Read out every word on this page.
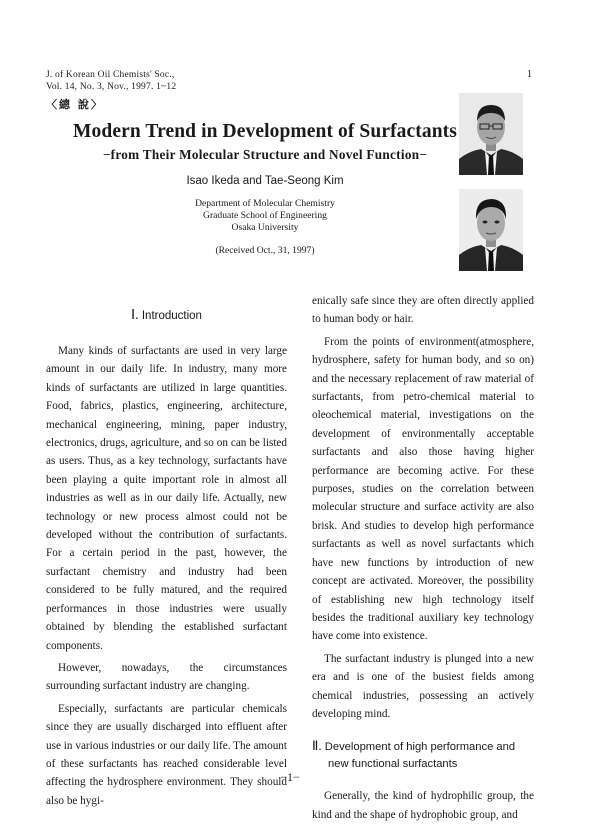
J. of Korean Oil Chemists' Soc.,
Vol. 14, No. 3, Nov., 1997. 1~12
1
〈總 說〉
Modern Trend in Development of Surfactants
−from Their Molecular Structure and Novel Function−
Isao Ikeda and Tae-Seong Kim
Department of Molecular Chemistry
Graduate School of Engineering
Osaka University
(Received Oct., 31, 1997)
Ⅰ. Introduction

Many kinds of surfactants are used in very large amount in our daily life. In industry, many more kinds of surfactants are utilized in large quantities. Food, fabrics, plastics, engineering, architecture, mechanical engineering, mining, paper industry, electronics, drugs, agriculture, and so on can be listed as users. Thus, as a key technology, surfactants have been playing a quite important role in almost all industries as well as in our daily life. Actually, new technology or new process almost could not be developed without the contribution of surfactants. For a certain period in the past, however, the surfactant chemistry and industry had been considered to be fully matured, and the required performances in those industries were usually obtained by blending the established surfactant components.

However, nowadays, the circumstances surrounding surfactant industry are changing.

Especially, surfactants are particular chemicals since they are usually discharged into effluent after use in various industries or our daily life. The amount of these surfactants has reached considerable level affecting the hydrosphere environment. They should also be hygi-

enically safe since they are often directly applied to human body or hair.

From the points of environment(atmosphere, hydrosphere, safety for human body, and so on) and the necessary replacement of raw material of surfactants, from petro-chemical material to oleochemical material, investigations on the development of environmentally acceptable surfactants and also those having higher performance are becoming active. For these purposes, studies on the correlation between molecular structure and surface activity are also brisk. And studies to develop high performance surfactants as well as novel surfactants which have new functions by introduction of new concept are activated. Moreover, the possibility of establishing new high technology itself besides the traditional auxiliary key technology have come into existence.

The surfactant industry is plunged into a new era and is one of the busiest fields among chemical industries, possessing an actively developing mind.

Ⅱ. Development of high performance and
new functional surfactants

Generally, the kind of hydrophilic group, the kind and the shape of hydrophobic group, and

−1−
